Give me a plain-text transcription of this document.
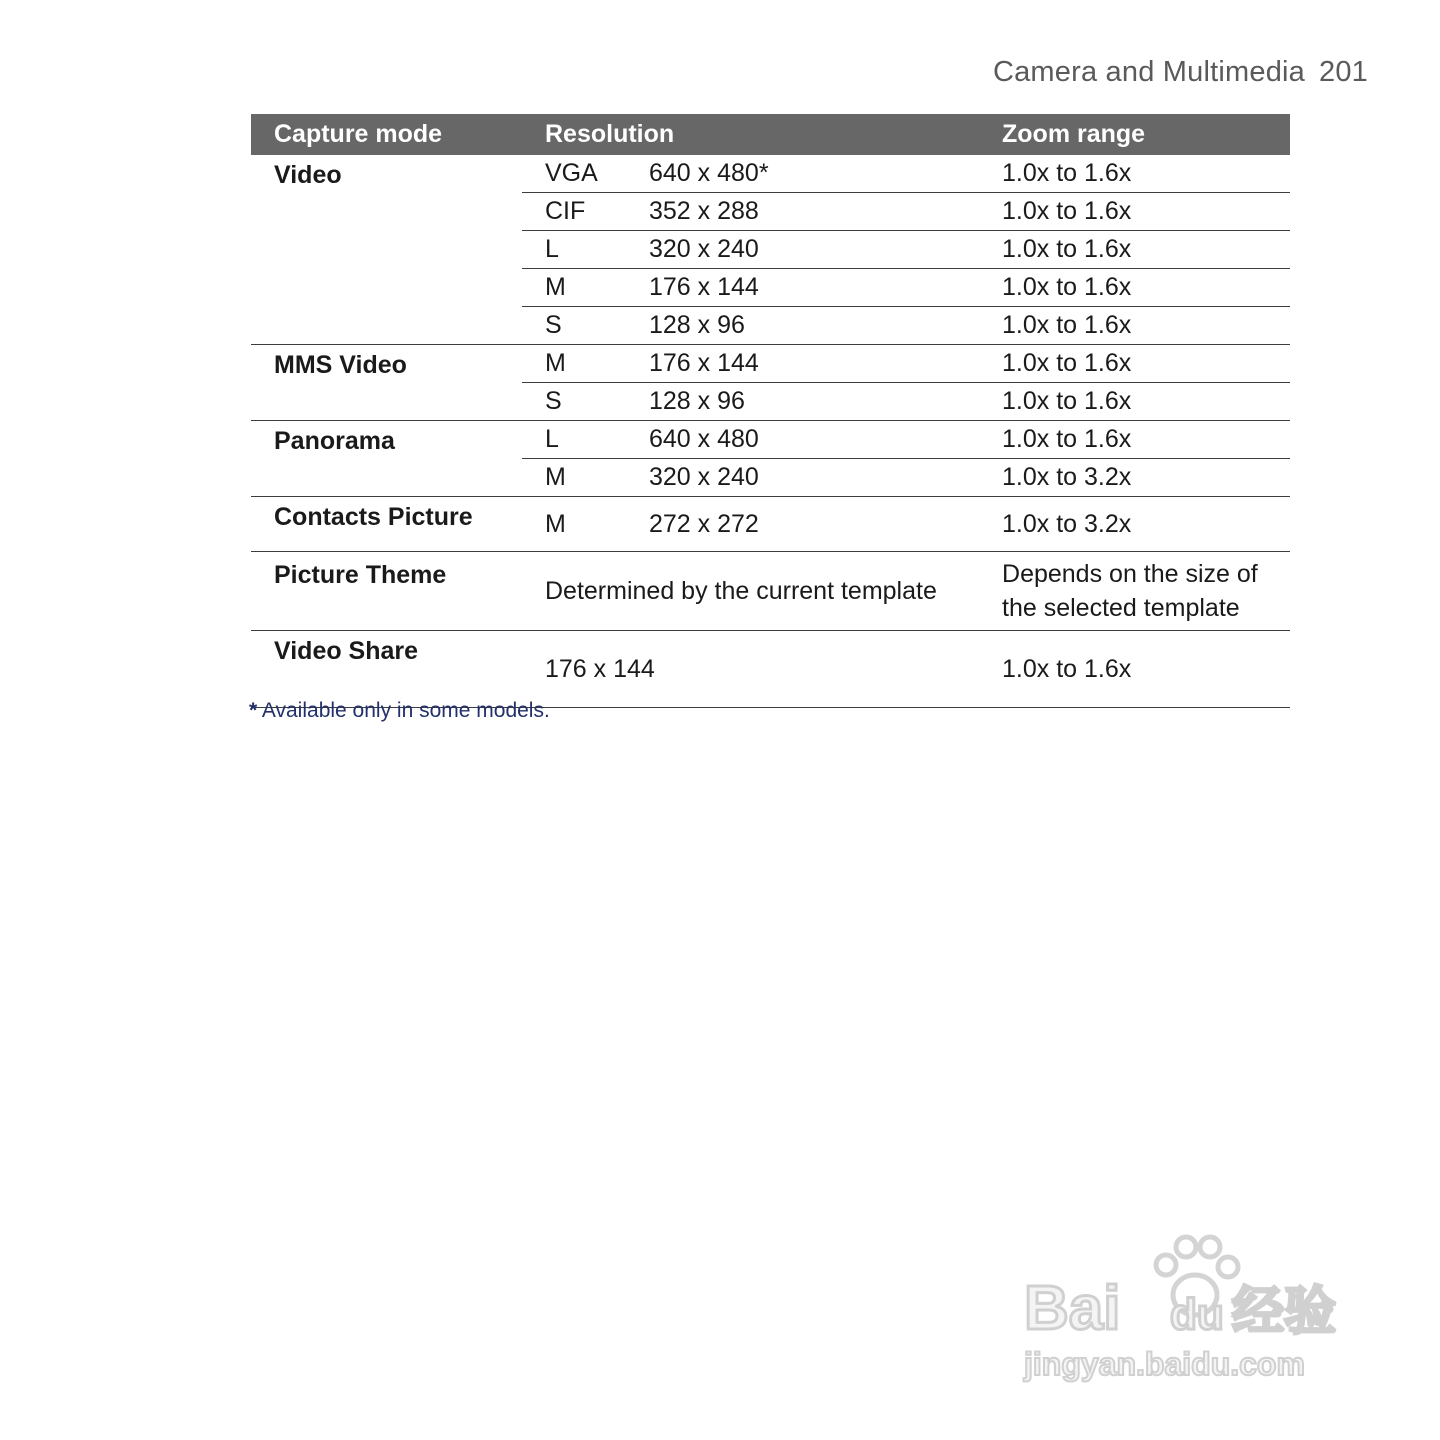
Camera and Multimedia 201
Capture mode	Resolution		Zoom range
Video	VGA	640 x 480*	1.0x to 1.6x
	CIF	352 x 288	1.0x to 1.6x
	L	320 x 240	1.0x to 1.6x
	M	176 x 144	1.0x to 1.6x
	S	128 x 96	1.0x to 1.6x
MMS Video	M	176 x 144	1.0x to 1.6x
	S	128 x 96	1.0x to 1.6x
Panorama	L	640 x 480	1.0x to 1.6x
	M	320 x 240	1.0x to 3.2x
Contacts Picture	M	272 x 272	1.0x to 3.2x
Picture Theme	Determined by the current template		Depends on the size of the selected template
Video Share	176 x 144		1.0x to 1.6x
* Available only in some models.
Bai du 经验
jingyan.baidu.com
